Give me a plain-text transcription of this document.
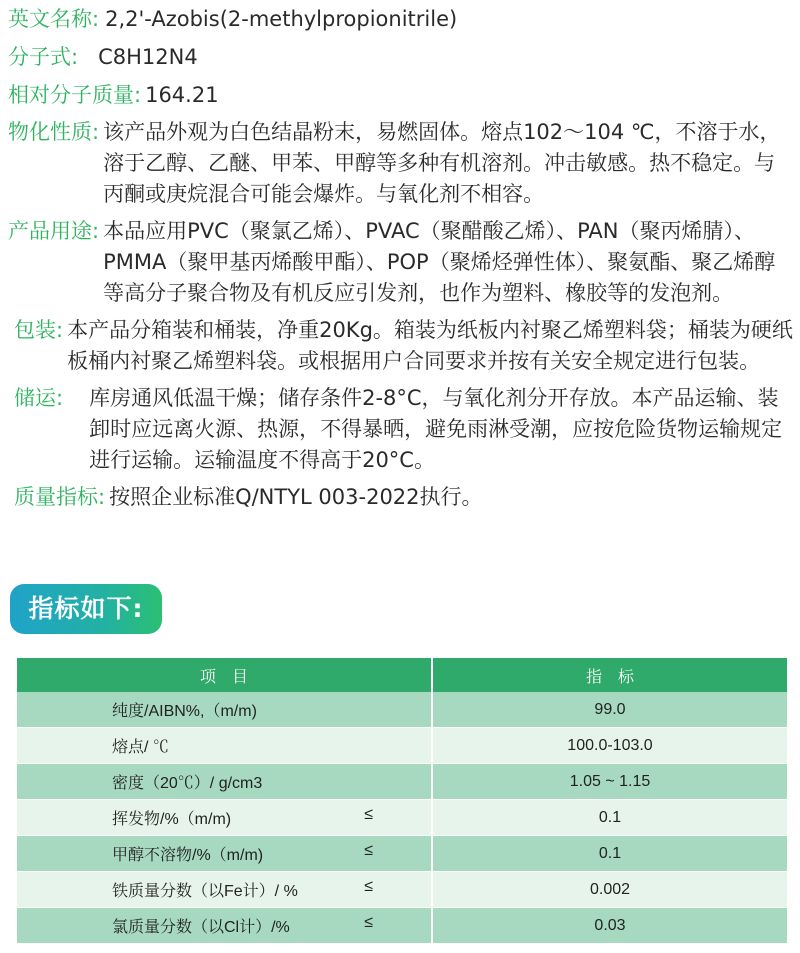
英文名称: 2,2'-Azobis(2-methylpropionitrile)
分子式: C8H12N4
相对分子质量: 164.21
物化性质: 该产品外观为白色结晶粉末，易燃固体。熔点102～104 ℃，不溶于水，溶于乙醇、乙醚、甲苯、甲醇等多种有机溶剂。冲击敏感。热不稳定。与丙酮或庚烷混合可能会爆炸。与氧化剂不相容。
产品用途: 本品应用PVC（聚氯乙烯）、PVAC（聚醋酸乙烯）、PAN（聚丙烯腈）、PMMA（聚甲基丙烯酸甲酯）、POP（聚烯烃弹性体）、聚氨酯、聚乙烯醇等高分子聚合物及有机反应引发剂，也作为塑料、橡胶等的发泡剂。
包装: 本产品分箱装和桶装，净重20Kg。箱装为纸板内衬聚乙烯塑料袋；桶装为硬纸板桶内衬聚乙烯塑料袋。或根据用户合同要求并按有关安全规定进行包装。
储运: 库房通风低温干燥；储存条件2-8°C，与氧化剂分开存放。本产品运输、装卸时应远离火源、热源，不得暴晒，避免雨淋受潮，应按危险货物运输规定进行运输。运输温度不得高于20°C。
质量指标: 按照企业标准Q/NTYL 003-2022执行。
指标如下:
项　目	指　标

纯度/AIBN%,（m/m)	99.0

熔点/ ℃	100.0-103.0

密度（20℃）/ g/cm3	1.05 ~ 1.15

挥发物/%（m/m) ≤	0.1

甲醇不溶物/%（m/m) ≤	0.1

铁质量分数（以Fe计）/ % ≤	0.002

氯质量分数（以Cl计）/% ≤	0.03
